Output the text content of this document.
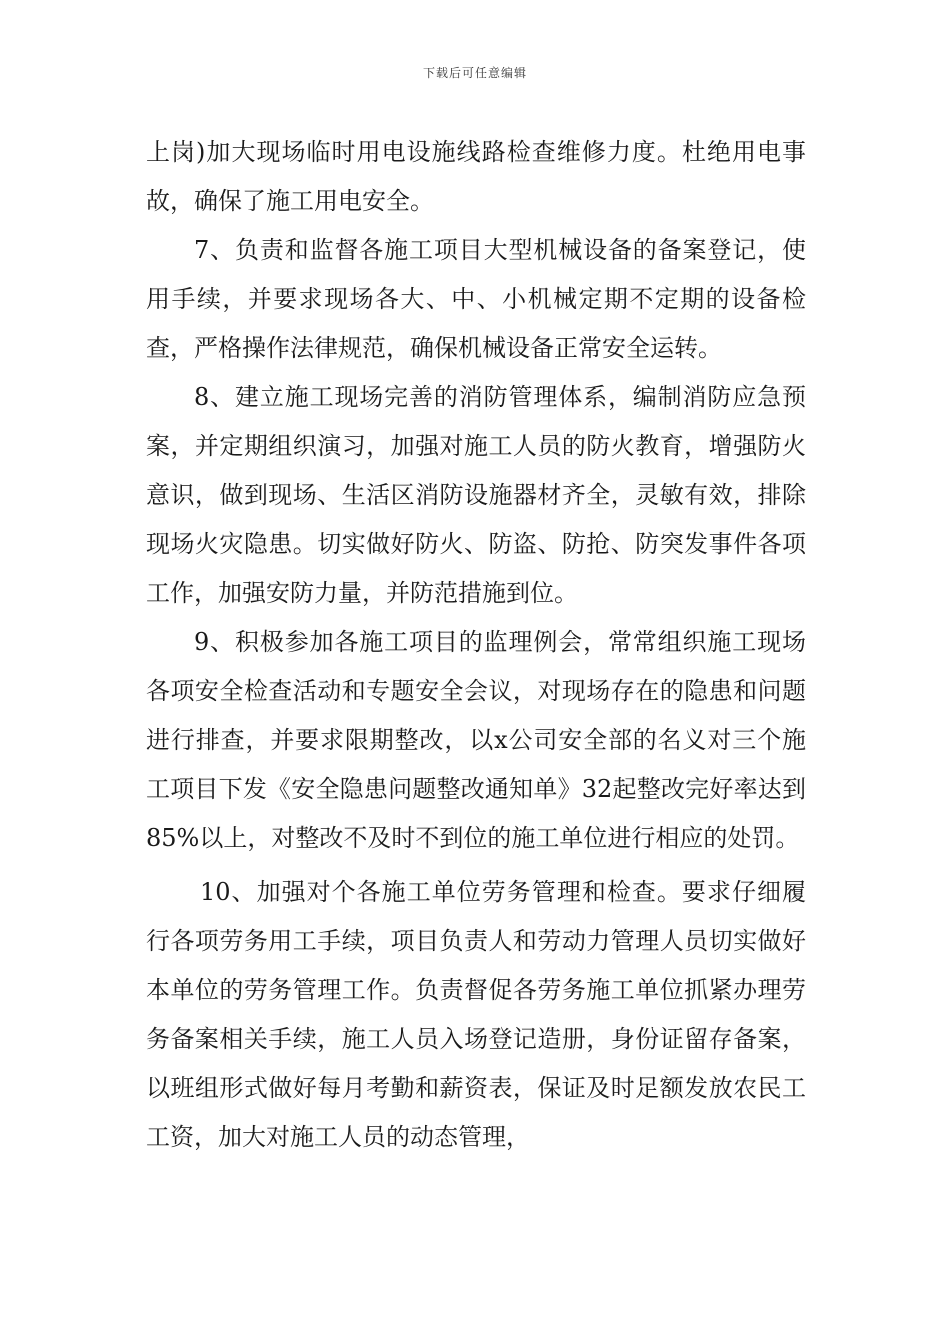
下载后可任意编辑

上岗)加大现场临时用电设施线路检查维修力度。杜绝用电事故，确保了施工用电安全。

7、负责和监督各施工项目大型机械设备的备案登记，使用手续，并要求现场各大、中、小机械定期不定期的设备检查，严格操作法律规范，确保机械设备正常安全运转。

8、建立施工现场完善的消防管理体系，编制消防应急预案，并定期组织演习，加强对施工人员的防火教育，增强防火意识，做到现场、生活区消防设施器材齐全，灵敏有效，排除现场火灾隐患。切实做好防火、防盗、防抢、防突发事件各项工作，加强安防力量，并防范措施到位。

9、积极参加各施工项目的监理例会，常常组织施工现场各项安全检查活动和专题安全会议，对现场存在的隐患和问题进行排查，并要求限期整改，以x公司安全部的名义对三个施工项目下发《安全隐患问题整改通知单》32起整改完好率达到85%以上，对整改不及时不到位的施工单位进行相应的处罚。

10、加强对个各施工单位劳务管理和检查。要求仔细履行各项劳务用工手续，项目负责人和劳动力管理人员切实做好本单位的劳务管理工作。负责督促各劳务施工单位抓紧办理劳务备案相关手续，施工人员入场登记造册，身份证留存备案，以班组形式做好每月考勤和薪资表，保证及时足额发放农民工工资，加大对施工人员的动态管理，
